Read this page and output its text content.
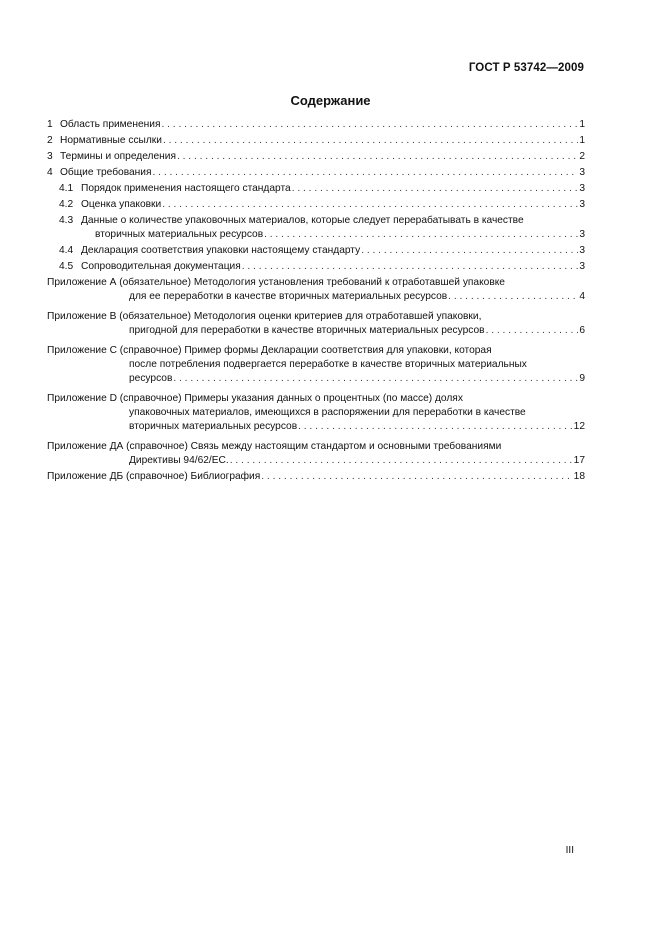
ГОСТ Р 53742—2009
Содержание
1 Область применения . . .	1
2 Нормативные ссылки . . .	1
3 Термины и определения . . .	2
4 Общие требования . . .	3
4.1 Порядок применения настоящего стандарта . . .	3
4.2 Оценка упаковки . . .	3
4.3 Данные о количестве упаковочных материалов, которые следует перерабатывать в качестве
вторичных материальных ресурсов . . .	3
4.4 Декларация соответствия упаковки настоящему стандарту . . .	3
4.5 Сопроводительная документация . . .	3
Приложение А (обязательное) Методология установления требований к отработавшей упаковке
для ее переработки в качестве вторичных материальных ресурсов . . .	4
Приложение В (обязательное) Методология оценки критериев для отработавшей упаковки,
пригодной для переработки в качестве вторичных материальных ресурсов . . .	6
Приложение С (справочное) Пример формы Декларации соответствия для упаковки, которая
после потребления подвергается переработке в качестве вторичных материальных
ресурсов . . .	9
Приложение D (справочное) Примеры указания данных о процентных (по массе) долях
упаковочных материалов, имеющихся в распоряжении для переработки в качестве
вторичных материальных ресурсов . . .	12
Приложение ДА (справочное) Связь между настоящим стандартом и основными требованиями
Директивы 94/62/ЕС. . . .	17
Приложение ДБ (справочное) Библиография . . .	18
III
